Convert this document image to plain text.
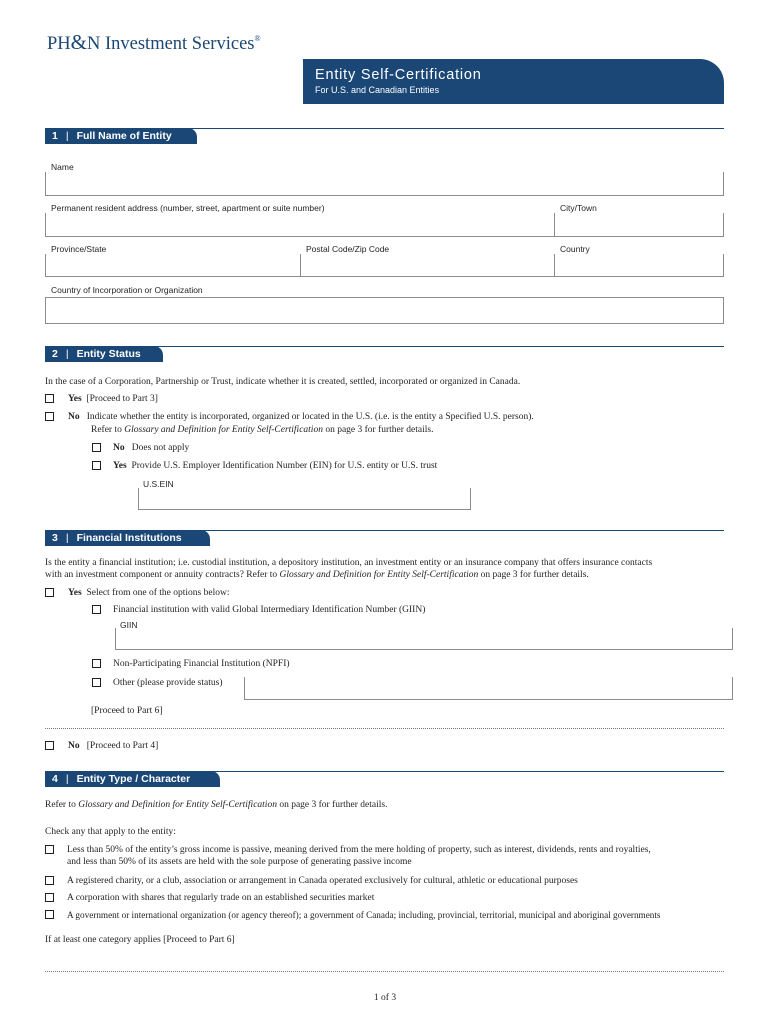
PH&N Investment Services®
Entity Self-Certification
For U.S. and Canadian Entities
1 | Full Name of Entity
Name
Permanent resident address (number, street, apartment or suite number)	City/Town
Province/State	Postal Code/Zip Code	Country
Country of Incorporation or Organization
2 | Entity Status
In the case of a Corporation, Partnership or Trust, indicate whether it is created, settled, incorporated or organized in Canada.
Yes [Proceed to Part 3]
No Indicate whether the entity is incorporated, organized or located in the U.S. (i.e. is the entity a Specified U.S. person).
Refer to Glossary and Definition for Entity Self-Certification on page 3 for further details.
No Does not apply
Yes Provide U.S. Employer Identification Number (EIN) for U.S. entity or U.S. trust
U.S.EIN
3 | Financial Institutions
Is the entity a financial institution; i.e. custodial institution, a depository institution, an investment entity or an insurance company that offers insurance contacts
with an investment component or annuity contracts? Refer to Glossary and Definition for Entity Self-Certification on page 3 for further details.
Yes Select from one of the options below:
Financial institution with valid Global Intermediary Identification Number (GIIN)
GIIN
Non-Participating Financial Institution (NPFI)
Other (please provide status)
[Proceed to Part 6]
No [Proceed to Part 4]
4 | Entity Type / Character
Refer to Glossary and Definition for Entity Self-Certification on page 3 for further details.
Check any that apply to the entity:
Less than 50% of the entity’s gross income is passive, meaning derived from the mere holding of property, such as interest, dividends, rents and royalties,
and less than 50% of its assets are held with the sole purpose of generating passive income
A registered charity, or a club, association or arrangement in Canada operated exclusively for cultural, athletic or educational purposes
A corporation with shares that regularly trade on an established securities market
A government or international organization (or agency thereof); a government of Canada; including, provincial, territorial, municipal and aboriginal governments
If at least one category applies [Proceed to Part 6]
1 of 3
